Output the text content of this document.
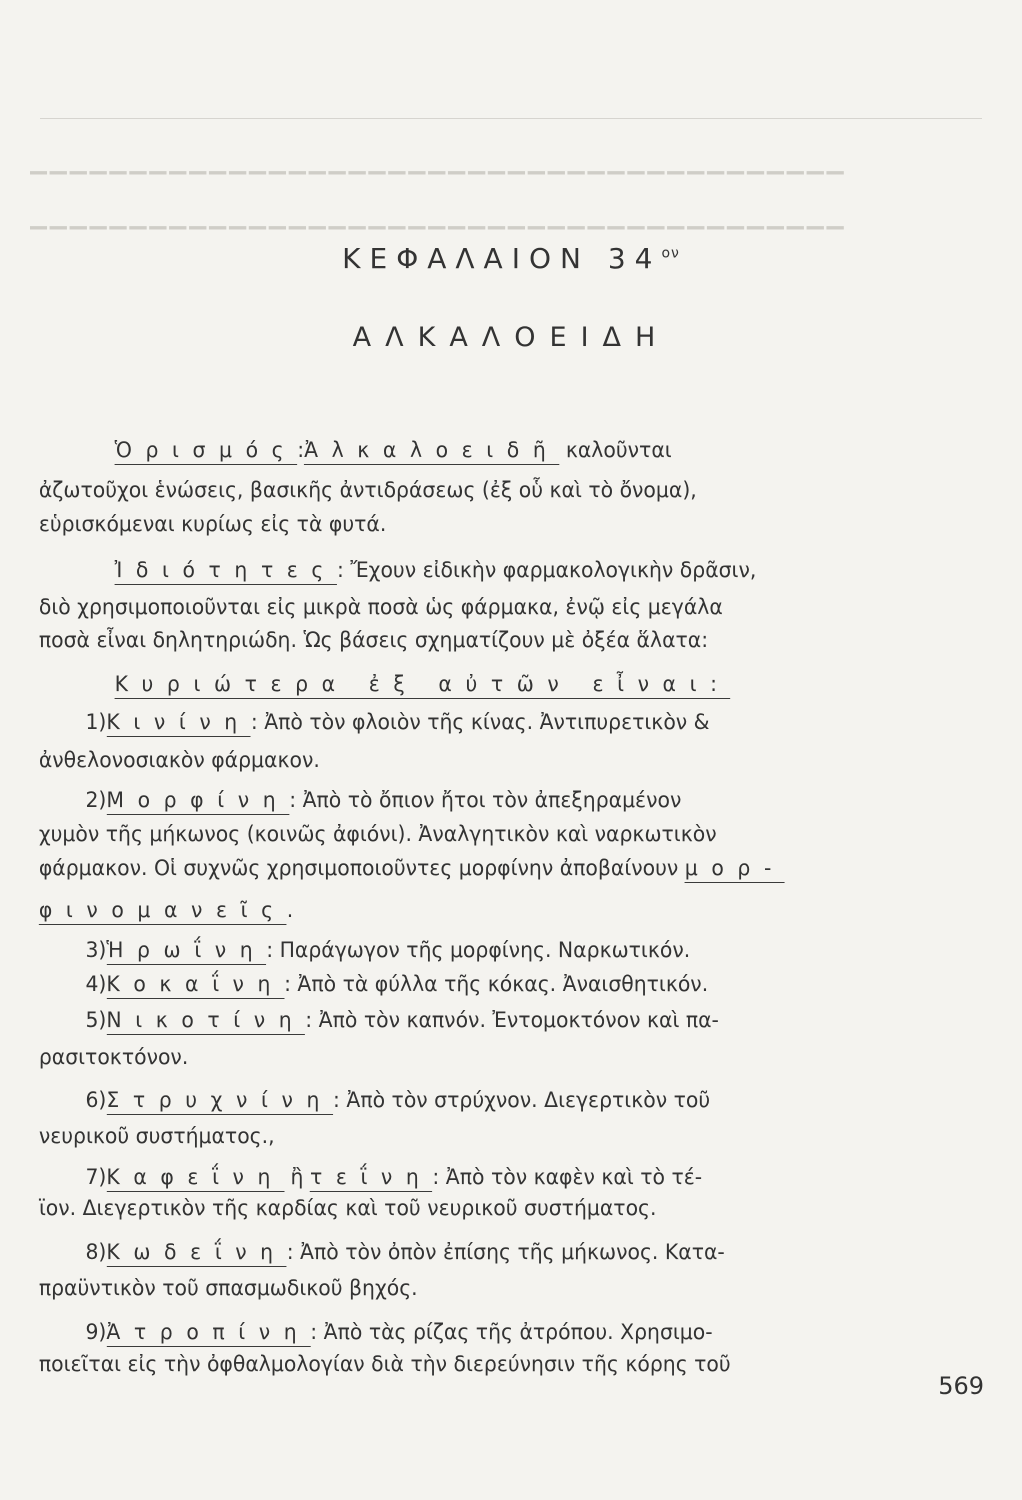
▁▁▁▁▁▁▁▁▁▁▁▁▁▁▁▁▁▁▁▁▁▁▁▁▁▁▁▁▁▁▁▁▁▁▁▁▁▁▁▁▁
▁▁▁▁▁▁▁▁▁▁▁▁▁▁▁▁▁▁▁▁▁▁▁▁▁▁▁▁▁▁▁▁▁▁▁▁▁▁▁▁▁
ΚΕΦΑΛΑΙΟΝ $34^{o\nu}$
ΑΛΚΑΛΟΕΙΔΗ
Ὁρισμός:Ἀλκαλοειδῆ καλοῦνται
ἀζωτοῦχοι ἑνώσεις, βασικῆς ἀντιδράσεως (ἐξ οὗ καὶ τὸ ὄνομα),
εὑρισκόμεναι κυρίως εἰς τὰ φυτά.
Ἰδιότητες: Ἔχουν εἰδικὴν φαρμακολογικὴν δρᾶσιν,
διὸ χρησιμοποιοῦνται εἰς μικρὰ ποσὰ ὡς φάρμακα, ἐνῷ εἰς μεγάλα
ποσὰ εἶναι δηλητηριώδη. Ὡς βάσεις σχηματίζουν μὲ ὀξέα ἅλατα:
Κυριώτερα ἐξ αὐτῶν εἶναι:
1)Κινίνη: Ἀπὸ τὸν φλοιὸν τῆς κίνας. Ἀντιπυρετικὸν &
ἀνθελονοσιακὸν φάρμακον.
2)Μορφίνη: Ἀπὸ τὸ ὄπιον ἤτοι τὸν ἀπεξηραμένον
χυμὸν τῆς μήκωνος (κοινῶς ἀφιόνι). Ἀναλγητικὸν καὶ ναρκωτικὸν
φάρμακον. Οἱ συχνῶς χρησιμοποιοῦντες μορφίνην ἀποβαίνουν μορ-
φινομανεῖς.
3)Ἡρωΐνη: Παράγωγον τῆς μορφίνης. Ναρκωτικόν.
4)Κοκαΐνη: Ἀπὸ τὰ φύλλα τῆς κόκας. Ἀναισθητικόν.
5)Νικοτίνη: Ἀπὸ τὸν καπνόν. Ἐντομοκτόνον καὶ πα-
ρασιτοκτόνον.
6)Στρυχνίνη: Ἀπὸ τὸν στρύχνον. Διεγερτικὸν τοῦ
νευρικοῦ συστήματος.,
7)Καφεΐνη ἢ τεΐνη: Ἀπὸ τὸν καφὲν καὶ τὸ τέ-
ϊον. Διεγερτικὸν τῆς καρδίας καὶ τοῦ νευρικοῦ συστήματος.
8)Κωδεΐνη: Ἀπὸ τὸν ὀπὸν ἐπίσης τῆς μήκωνος. Κατα-
πραϋντικὸν τοῦ σπασμωδικοῦ βηχός.
9)Ἀτροπίνη: Ἀπὸ τὰς ρίζας τῆς ἀτρόπου. Χρησιμο-
ποιεῖται εἰς τὴν ὀφθαλμολογίαν διὰ τὴν διερεύνησιν τῆς κόρης τοῦ
569
